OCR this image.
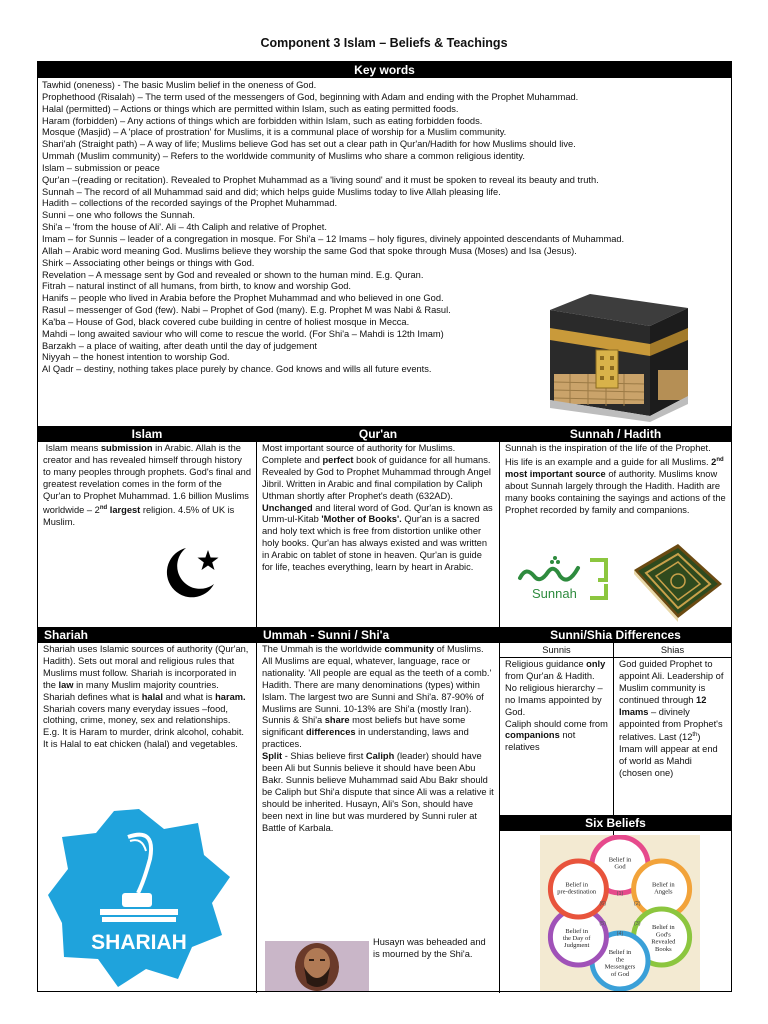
Component 3 Islam – Beliefs & Teachings
Key words
Tawhid (oneness) - The basic Muslim belief in the oneness of God.
Prophethood (Risalah) – The term used of the messengers of God, beginning with Adam and ending with the Prophet Muhammad.
Halal (permitted) – Actions or things which are permitted within Islam, such as eating permitted foods.
Haram (forbidden) – Any actions of things which are forbidden within Islam, such as eating forbidden foods.
Mosque (Masjid) – A 'place of prostration' for Muslims, it is a communal place of worship for a Muslim community.
Shari'ah (Straight path) – A way of life; Muslims believe God has set out a clear path in Qur'an/Hadith for how Muslims should live.
Ummah (Muslim community) – Refers to the worldwide community of Muslims who share a common religious identity.
Islam – submission or peace
Qur'an –(reading or recitation). Revealed to Prophet Muhammad as a 'living sound' and it must be spoken to reveal its beauty and truth.
Sunnah – The record of all Muhammad said and did; which helps guide Muslims today to live Allah pleasing life.
Hadith – collections of the recorded sayings of the Prophet Muhammad.
Sunni – one who follows the Sunnah.
Shi'a – 'from the house of Ali'. Ali – 4th Caliph and relative of Prophet.
Imam – for Sunnis – leader of a congregation in mosque. For Shi'a – 12 Imams – holy figures, divinely appointed descendants of Muhammad.
Allah – Arabic word meaning God. Muslims believe they worship the same God that spoke through Musa (Moses) and Isa (Jesus).
Shirk – Associating other beings or things with God.
Revelation – A message sent by God and revealed or shown to the human mind. E.g. Quran.
Fitrah – natural instinct of all humans, from birth, to know and worship God.
Hanifs – people who lived in Arabia before the Prophet Muhammad and who believed in one God.
Rasul – messenger of God (few). Nabi – Prophet of God (many). E.g. Prophet M was Nabi & Rasul.
Ka'ba – House of God, black covered cube building in centre of holiest mosque in Mecca.
Mahdi – long awaited saviour who will come to rescue the world. (For Shi'a – Mahdi is 12th Imam)
Barzakh – a place of waiting, after death until the day of judgement
Niyyah – the honest intention to worship God.
Al Qadr – destiny, nothing takes place purely by chance. God knows and wills all future events.
Islam
Islam means submission in Arabic. Allah is the creator and has revealed himself through history to many peoples through prophets. God's final and greatest revelation comes in the form of the Qur'an to Prophet Muhammad. 1.6 billion Muslims worldwide – 2nd largest religion. 4.5% of UK is Muslim.
Qur'an
Most important source of authority for Muslims. Complete and perfect book of guidance for all humans. Revealed by God to Prophet Muhammad through Angel Jibril. Written in Arabic and final compilation by Caliph Uthman shortly after Prophet's death (632AD). Unchanged and literal word of God. Qur'an is known as Umm-ul-Kitab 'Mother of Books'. Qur'an is a sacred and holy text which is free from distortion unlike other holy books. Qur'an has always existed and was written in Arabic on tablet of stone in heaven. Qur'an is guide for life, teaches everything, learn by heart in Arabic.
Sunnah / Hadith
Sunnah is the inspiration of the life of the Prophet. His life is an example and a guide for all Muslims. 2nd most important source of authority. Muslims know about Sunnah largely through the Hadith. Hadith are many books containing the sayings and actions of the Prophet recorded by family and companions.
Sunnah
Shariah
Shariah uses Islamic sources of authority (Qur'an, Hadith). Sets out moral and religious rules that Muslims must follow. Shariah is incorporated in the law in many Muslim majority countries. Shariah defines what is halal and what is haram. Shariah covers many everyday issues –food, clothing, crime, money, sex and relationships.
E.g. It is Haram to murder, drink alcohol, cohabit. It is Halal to eat chicken (halal) and vegetables.
SHARIAH
Ummah - Sunni / Shi'a
The Ummah is the worldwide community of Muslims. All Muslims are equal, whatever, language, race or nationality. 'All people are equal as the teeth of a comb.' Hadith. There are many denominations (types) within Islam. The largest two are Sunni and Shi'a. 87-90% of Muslims are Sunni. 10-13% are Shi'a (mostly Iran). Sunnis & Shi'a share most beliefs but have some significant differences in understanding, laws and practices.
Split - Shias believe first Caliph (leader) should have been Ali but Sunnis believe it should have been Abu Bakr. Sunnis believe Muhammad said Abu Bakr should be Caliph but Shi'a dispute that since Ali was a relative it should be inherited. Husayn, Ali's Son, should have been next in line but was murdered by Sunni ruler at Battle of Karbala.
Husayn was beheaded and is mourned by the Shi'a.
Sunni/Shia Differences
Sunnis	Shias
Religious guidance only from Qur'an & Hadith.
No religious hierarchy – no Imams appointed by God.
Caliph should come from companions not relatives
God guided Prophet to appoint Ali. Leadership of Muslim community is continued through 12 Imams – divinely appointed from Prophet's relatives. Last (12th) Imam will appear at end of world as Mahdi (chosen one)
Six Beliefs
Belief in God
(1)
Belief in Angels
(2)
Belief in God's Revealed Books
(3)
Belief in the Messengers of God
(4)
Belief in the Day of Judgment
(5)
Belief in pre-destination
(6)
